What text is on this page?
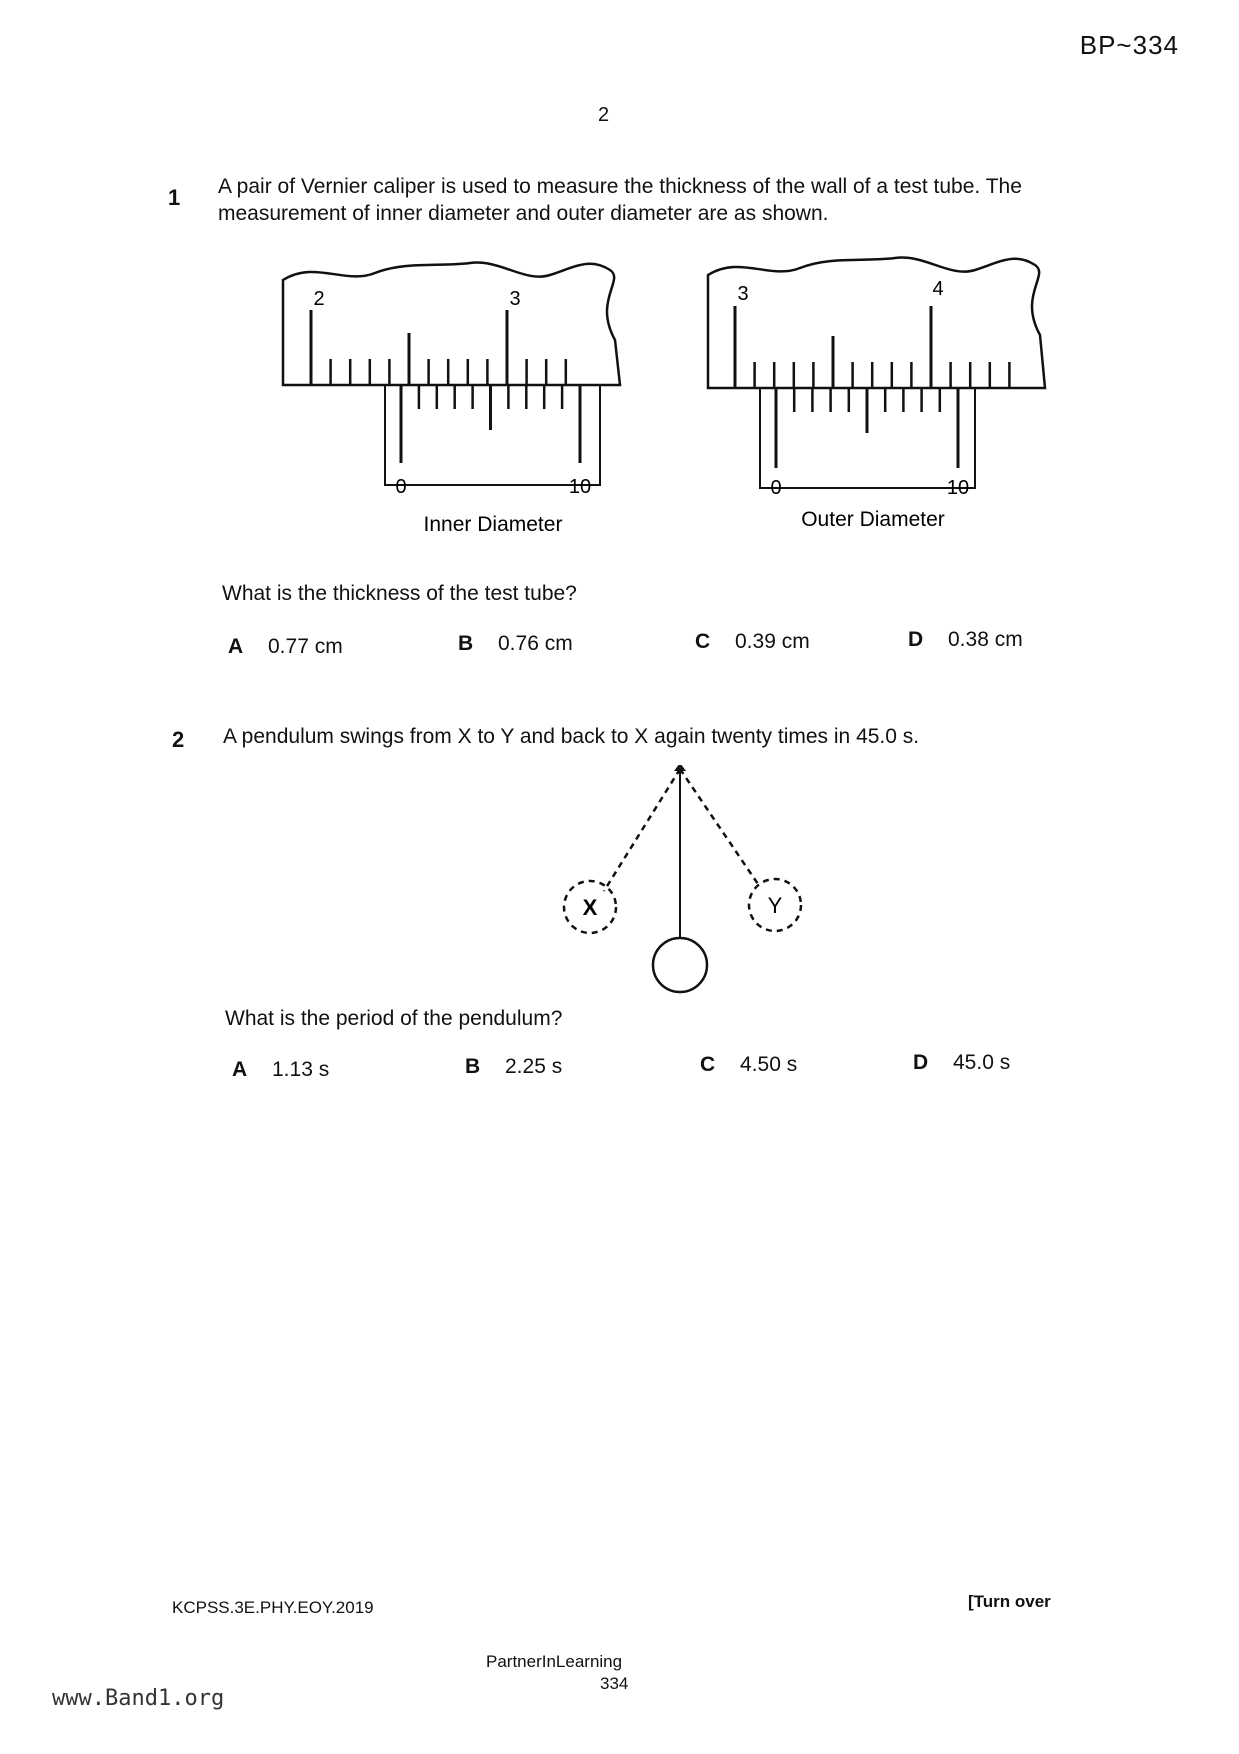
BP~334
2
1 A pair of Vernier caliper is used to measure the thickness of the wall of a test tube. The
measurement of inner diameter and outer diameter are as shown.
2	3
0	10
Inner Diameter
3	4
0	10
Outer Diameter
What is the thickness of the test tube?
A 0.77 cm	B 0.76 cm	C 0.39 cm	D 0.38 cm
2 A pendulum swings from X to Y and back to X again twenty times in 45.0 s.
X	Y
What is the period of the pendulum?
A 1.13 s	B 2.25 s	C 4.50 s	D 45.0 s
KCPSS.3E.PHY.EOY.2019	[Turn over
PartnerInLearning
334
www.Band1.org
